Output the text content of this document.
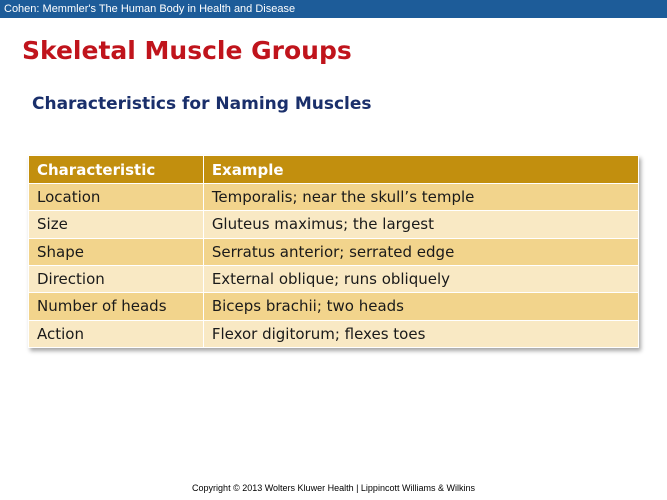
Cohen: Memmler's The Human Body in Health and Disease
Skeletal Muscle Groups
Characteristics for Naming Muscles
Characteristic	Example
Location	Temporalis; near the skull’s temple
Size	Gluteus maximus; the largest
Shape	Serratus anterior; serrated edge
Direction	External oblique; runs obliquely
Number of heads	Biceps brachii; two heads
Action	Flexor digitorum; flexes toes
Copyright © 2013 Wolters Kluwer Health | Lippincott Williams & Wilkins
